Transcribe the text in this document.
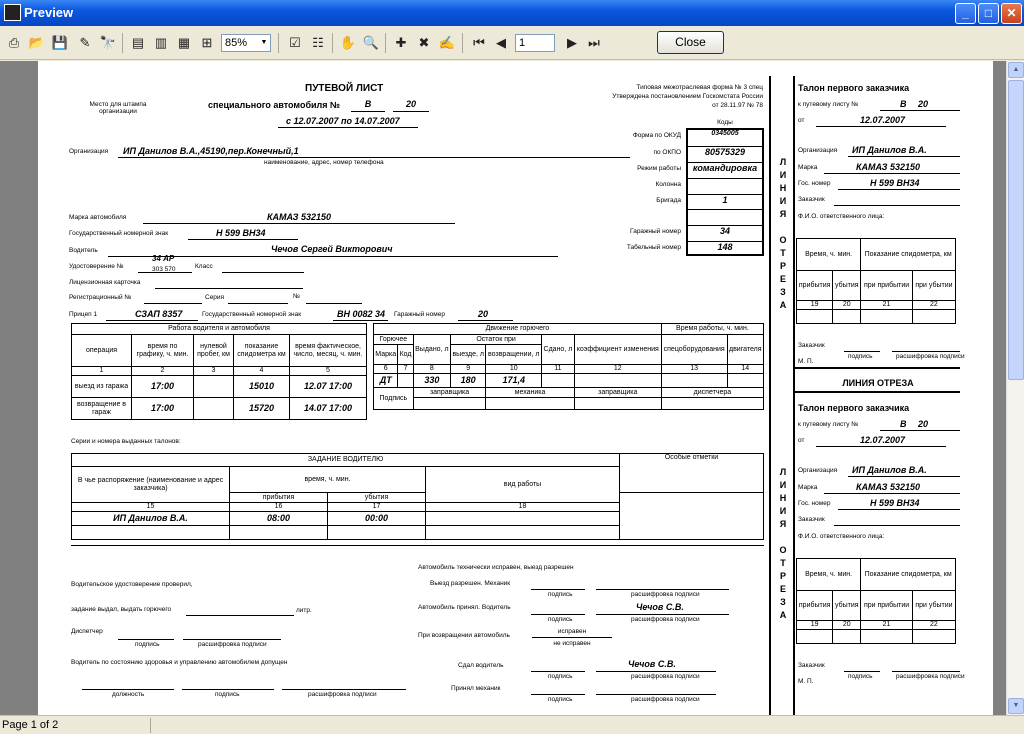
Preview	_	□	✕
⎙ 📂 💾 ✎ 🔭 ▤ ▥ ▦ ⊞	85% ▼ ☑ ☷ ✋ 🔍 ✚ ✖ ✍ ⏮ ◀
1	▶ ⏭	Close
Место для штампа
организации
ПУТЕВОЙ ЛИСТ
специального автомобиля №	В	20
с 12.07.2007 по 14.07.2007
Типовая межотраслевая форма № 3 спец
Утверждена постановлением Госкомстата России
от 28.11.97 № 78
Коды
Форма по ОКУД	0345005
по ОКПО	80575329
Режим работы	командировка
Колонна
Бригада	1
Гаражный номер	34
Табельный номер	148
Организация ИП Данилов В.А.,45190,пер.Конечный,1
наименование, адрес, номер телефона
Марка автомобиля	КАМАЗ 532150
Государственный номерной знак	Н 599 ВН34
Водитель	Чечов Сергей Викторович
Удостоверение №
34 АР
303 570	Класс
Лицензионная карточка
Регистрационный №	Серия	№
Прицеп 1	СЗАП 8357	Государственный номерной знак	ВН 0082 34 Гаражный номер	20
Работа водителя и автомобиля				
операция	время по графику, ч. мин.	нулевой пробег, км	показание спидометра км	время фактическое, число, месяц, ч. мин.
1	2	3	4	5
выезд из гаража	17:00		15010	12.07 17:00
возвращение в гараж	17:00		15720	14.07 17:00
Движение горючего							Время работы, ч. мин.	
Горючее		Выдано, л	Остаток при		Сдано, л	коэффициент изменения	спецоборудования	двигателя
Марка	Код		выезде, л	возвращении, л				
6	7	8	9	10	11	12	13	14
ДТ		330	180	171,4				
Подпись		заправщика		механика		заправщика	диспетчера	

Серии и номера выданных талонов:
ЗАДАНИЕ ВОДИТЕЛЮ				Особые отметки
В чье распоряжение (наименование и адрес заказчика)	время, ч. мин.		вид работы	
	прибытия	убытия		
15	16	17	18	
ИП Данилов В.А.	08:00	00:00		

Автомобиль технически исправен, выезд разрешен
Выезд разрешен. Механик
подпись	расшифровка подписи
Автомобиль принял. Водитель
подпись
Чечов С.В.
расшифровка подписи
При возвращении автомобиль
исправен
не исправен
Сдал водитель
подпись
Чечов С.В.
расшифровка подписи
Принял механик
подпись	расшифровка подписи
Водительское удостоверение проверил,
задание выдал, выдать горючего	литр.
Диспетчер
подпись	расшифровка подписи
Водитель по состоянию здоровья и управлению автомобилем допущен
должность	подпись	расшифровка подписи
Л
И
Н
И
Я

О
Т
Р
Е
З
А
Л
И
Н
И
Я

О
Т
Р
Е
З
А
Талон первого заказчика
к путевому листу №	В 20
от	12.07.2007
Организация ИП Данилов В.А.
Марка	КАМАЗ 532150
Гос. номер	Н 599 ВН34
Заказчик
Ф.И.О. ответственного лица:
Время, ч. мин.		Показание спидометра, км	
прибытия	убытия	при прибытии	при убытии
19	20	21	22

Заказчик
подпись	расшифровка подписи
М. П.
ЛИНИЯ ОТРЕЗА
Талон первого заказчика
к путевому листу №	В 20
от	12.07.2007
Организация ИП Данилов В.А.
Марка	КАМАЗ 532150
Гос. номер	Н 599 ВН34
Заказчик
Ф.И.О. ответственного лица:
Время, ч. мин.		Показание спидометра, км	
прибытия	убытия	при прибытии	при убытии
19	20	21	22

Заказчик
подпись	расшифровка подписи
М. П.
▲
▼
Page 1 of 2
